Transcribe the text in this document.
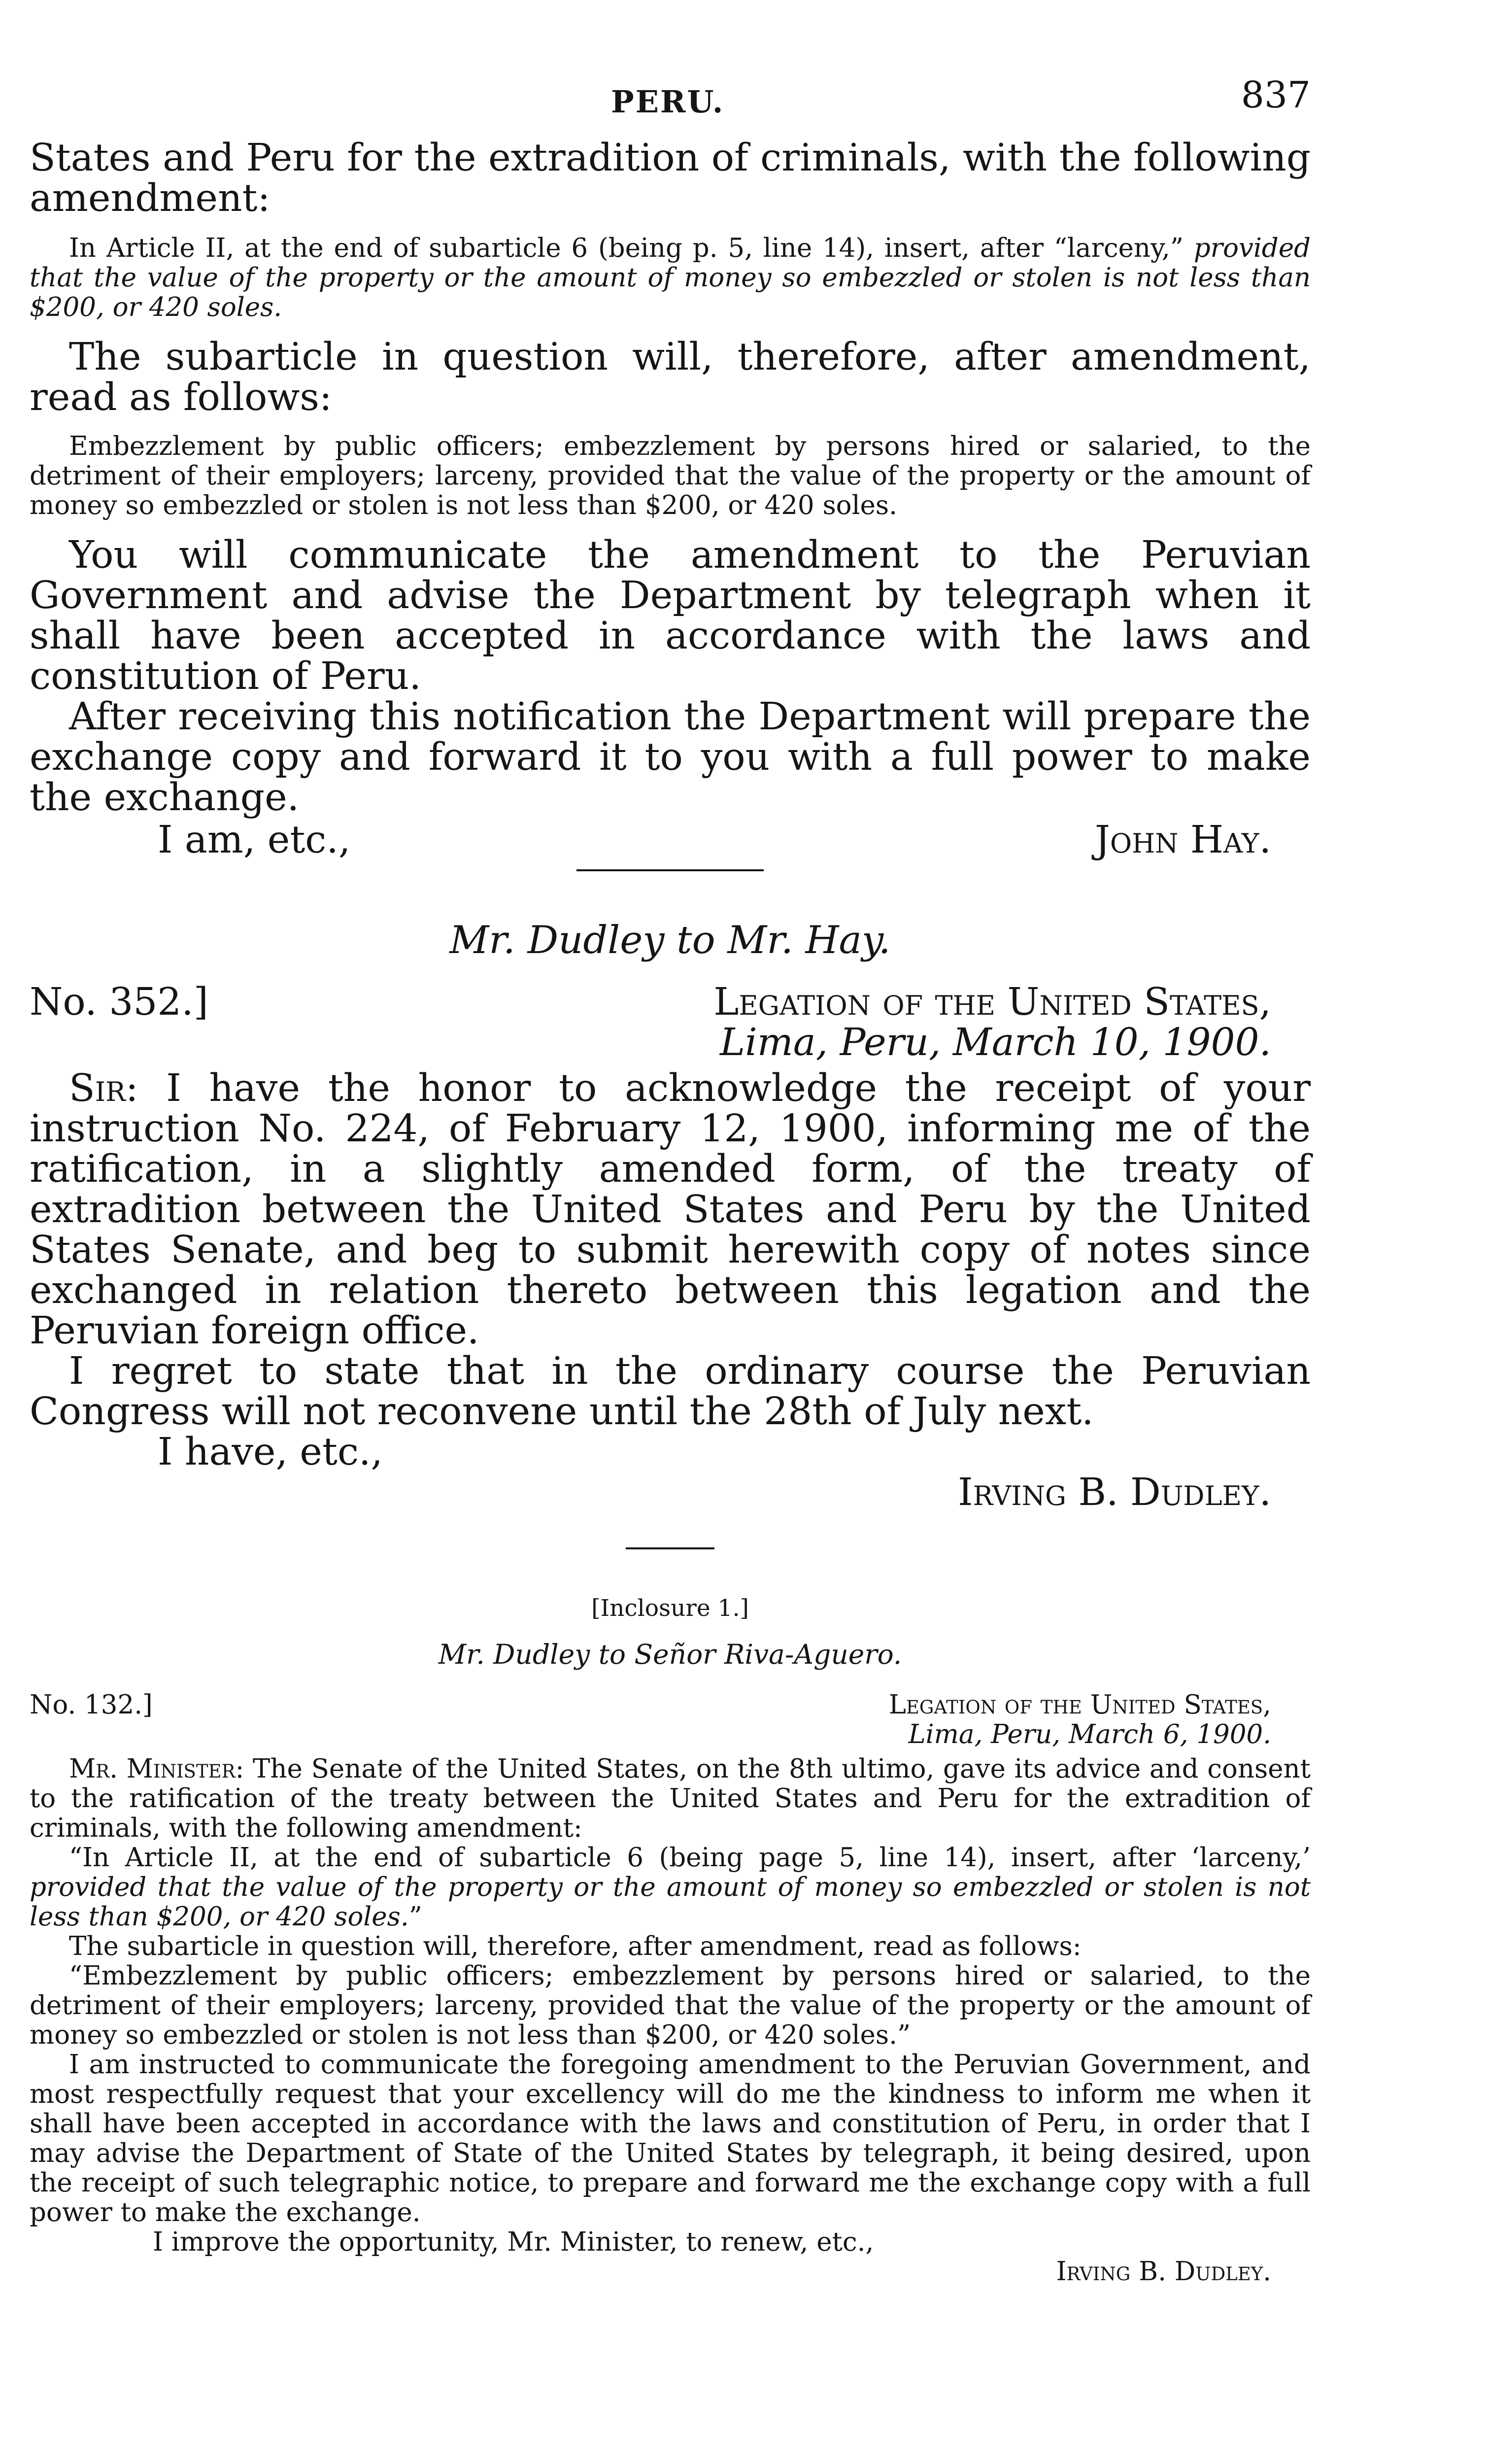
PERU.	837

States and Peru for the extradition of criminals, with the following amendment:

In Article II, at the end of subarticle 6 (being p. 5, line 14), insert, after “larceny,” provided that the value of the property or the amount of money so embezzled or stolen is not less than $200, or 420 soles.

The subarticle in question will, therefore, after amendment, read as follows:

Embezzlement by public officers; embezzlement by persons hired or salaried, to the detriment of their employers; larceny, provided that the value of the property or the amount of money so embezzled or stolen is not less than $200, or 420 soles.

You will communicate the amendment to the Peruvian Government and advise the Department by telegraph when it shall have been accepted in accordance with the laws and constitution of Peru.

After receiving this notification the Department will prepare the exchange copy and forward it to you with a full power to make the exchange.

I am, etc.,	John Hay.

Mr. Dudley to Mr. Hay.

No. 352.]	Legation of the United States,
Lima, Peru, March 10, 1900.

Sir: I have the honor to acknowledge the receipt of your instruction No. 224, of February 12, 1900, informing me of the ratification, in a slightly amended form, of the treaty of extradition between the United States and Peru by the United States Senate, and beg to submit herewith copy of notes since exchanged in relation thereto between this legation and the Peruvian foreign office.

I regret to state that in the ordinary course the Peruvian Congress will not reconvene until the 28th of July next.

I have, etc.,

Irving B. Dudley.

[Inclosure 1.]

Mr. Dudley to Señor Riva-Aguero.

No. 132.]	Legation of the United States,
Lima, Peru, March 6, 1900.

Mr. Minister: The Senate of the United States, on the 8th ultimo, gave its advice and consent to the ratification of the treaty between the United States and Peru for the extradition of criminals, with the following amendment:

“In Article II, at the end of subarticle 6 (being page 5, line 14), insert, after ‘larceny,’ provided that the value of the property or the amount of money so embezzled or stolen is not less than $200, or 420 soles.”

The subarticle in question will, therefore, after amendment, read as follows:

“Embezzlement by public officers; embezzlement by persons hired or salaried, to the detriment of their employers; larceny, provided that the value of the property or the amount of money so embezzled or stolen is not less than $200, or 420 soles.”

I am instructed to communicate the foregoing amendment to the Peruvian Government, and most respectfully request that your excellency will do me the kindness to inform me when it shall have been accepted in accordance with the laws and constitution of Peru, in order that I may advise the Department of State of the United States by telegraph, it being desired, upon the receipt of such telegraphic notice, to prepare and forward me the exchange copy with a full power to make the exchange.

I improve the opportunity, Mr. Minister, to renew, etc.,

Irving B. Dudley.
